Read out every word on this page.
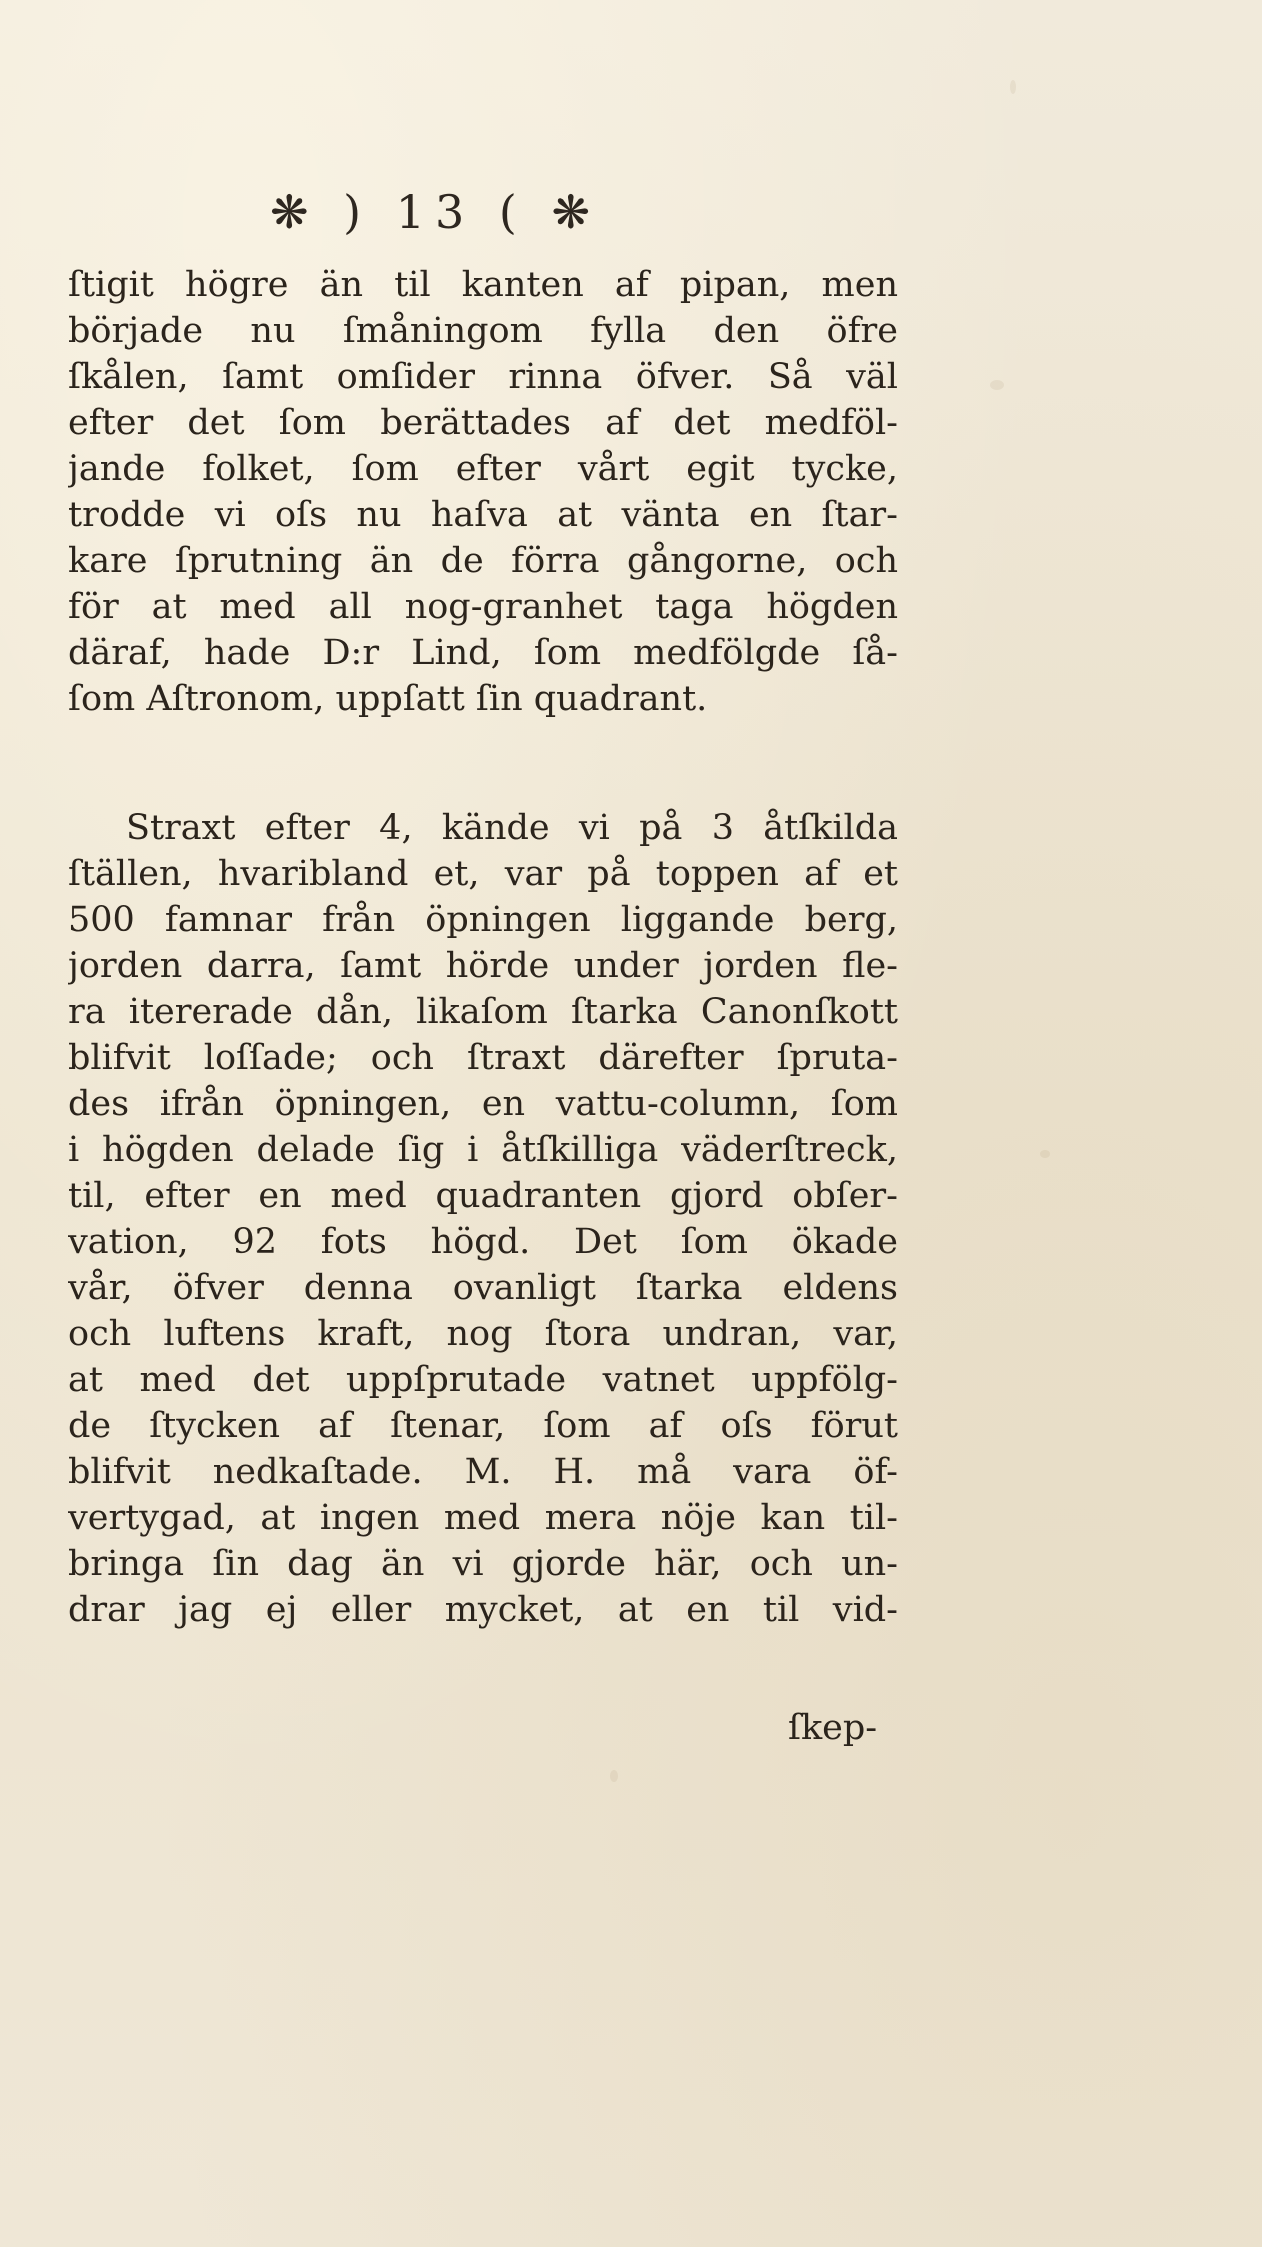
❋ ) 13 ( ❋
ſtigit högre än til kanten af pipan, men
började nu ſmåningom fylla den öfre
ſkålen, ſamt omſider rinna öfver. Så väl
efter det ſom berättades af det medföl-
jande folket, ſom efter vårt egit tycke,
trodde vi oſs nu haſva at vänta en ſtar-
kare ſprutning än de förra gångorne, och
för at med all nog-granhet taga högden
däraf, hade D:r Lind, ſom medfölgde ſå-
ſom Aſtronom, uppſatt ſin quadrant.
Straxt efter 4, kände vi på 3 åtſkilda
ſtällen, hvaribland et, var på toppen af et
500 famnar från öpningen liggande berg,
jorden darra, ſamt hörde under jorden fle-
ra itererade dån, likaſom ſtarka Canonſkott
blifvit loſſade; och ſtraxt därefter ſpruta-
des ifrån öpningen, en vattu-column, ſom
i högden delade ſig i åtſkilliga väderſtreck,
til, efter en med quadranten gjord obſer-
vation, 92 fots högd. Det ſom ökade
vår, öfver denna ovanligt ſtarka eldens
och luftens kraft, nog ſtora undran, var,
at med det uppſprutade vatnet uppfölg-
de ſtycken af ſtenar, ſom af oſs förut
blifvit nedkaſtade. M. H. må vara öf-
vertygad, at ingen med mera nöje kan til-
bringa ſin dag än vi gjorde här, och un-
drar jag ej eller mycket, at en til vid-
ſkep-
